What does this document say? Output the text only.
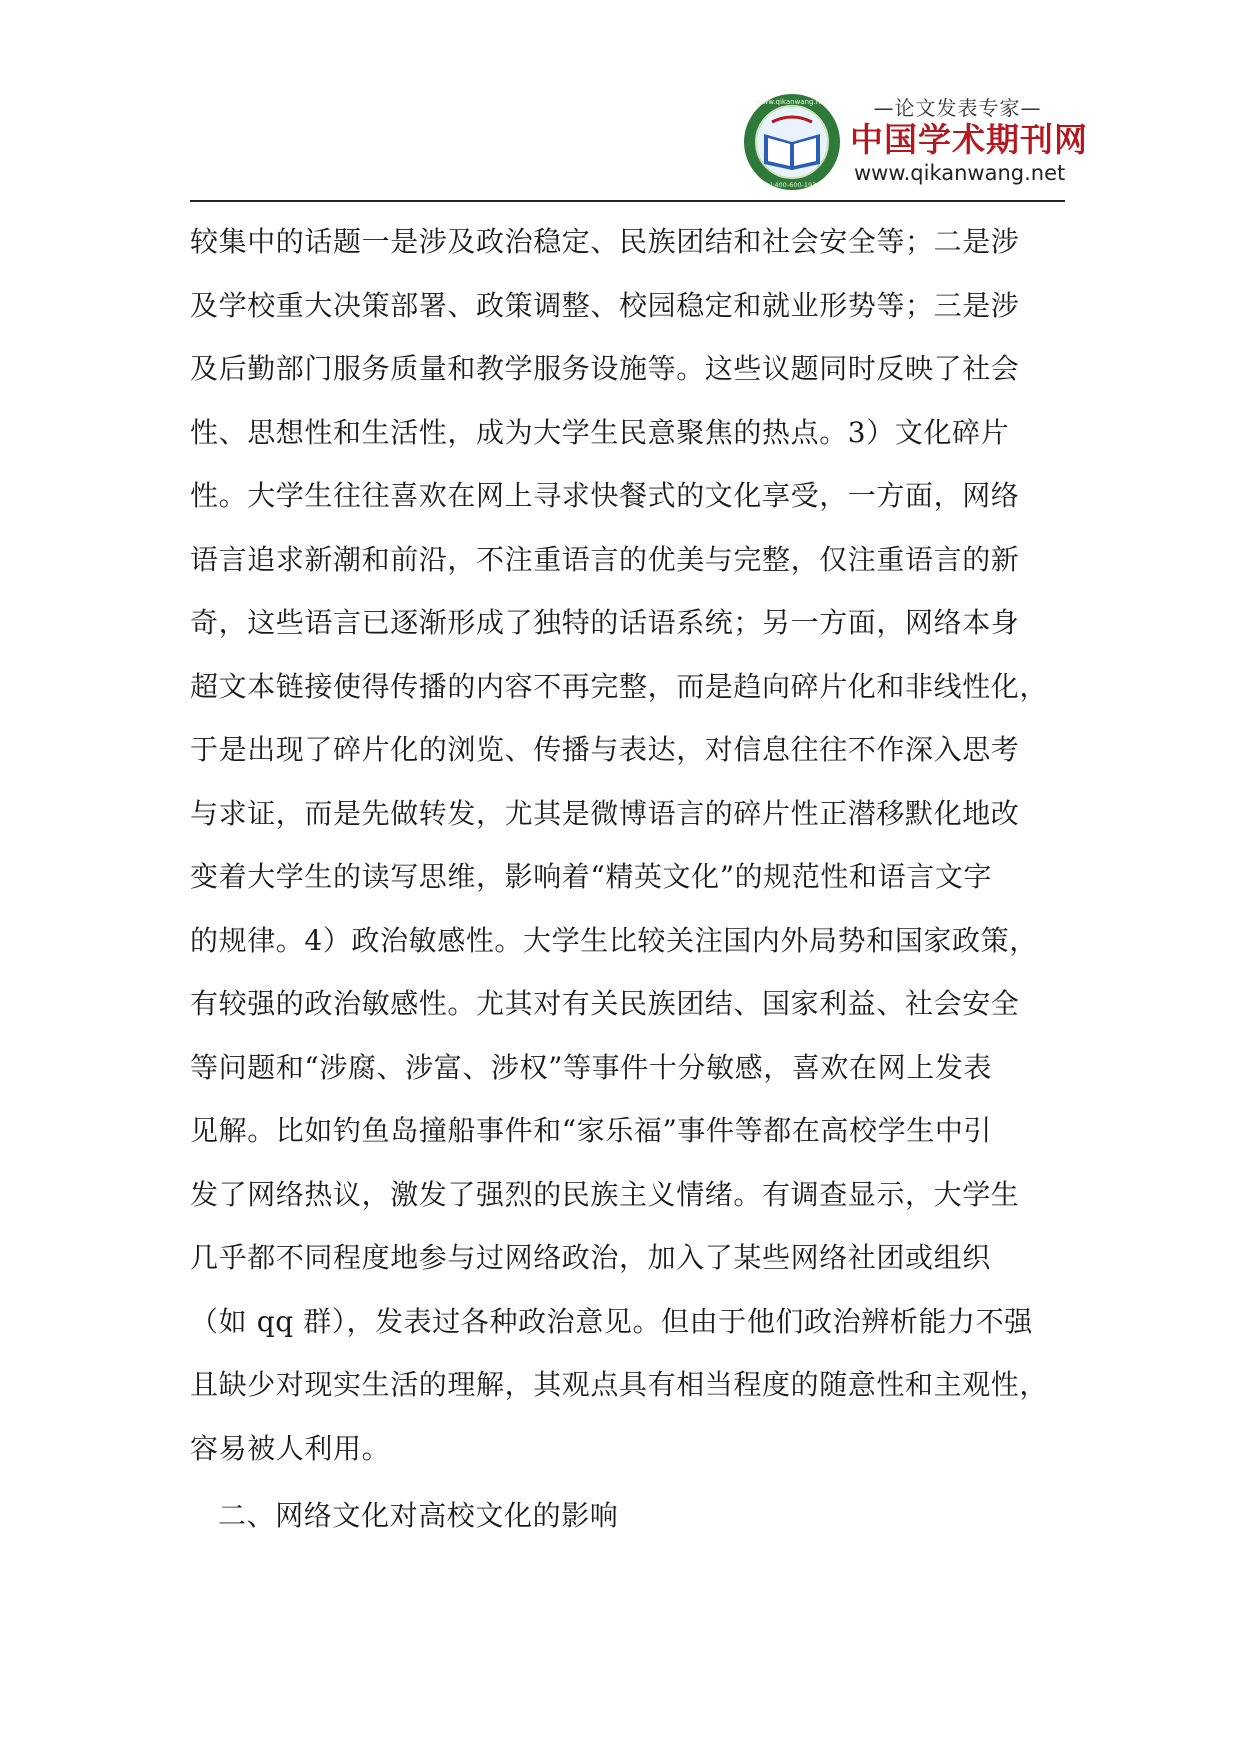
www.qikanwang.net
Tel:400-600-1933
—论文发表专家—
中国学术期刊网
www.qikanwang.net
较集中的话题一是涉及政治稳定、民族团结和社会安全等；二是涉
及学校重大决策部署、政策调整、校园稳定和就业形势等；三是涉
及后勤部门服务质量和教学服务设施等。这些议题同时反映了社会
性、思想性和生活性，成为大学生民意聚焦的热点。3）文化碎片
性。大学生往往喜欢在网上寻求快餐式的文化享受，一方面，网络
语言追求新潮和前沿，不注重语言的优美与完整，仅注重语言的新
奇，这些语言已逐渐形成了独特的话语系统；另一方面，网络本身
超文本链接使得传播的内容不再完整，而是趋向碎片化和非线性化，
于是出现了碎片化的浏览、传播与表达，对信息往往不作深入思考
与求证，而是先做转发，尤其是微博语言的碎片性正潜移默化地改
变着大学生的读写思维，影响着“精英文化”的规范性和语言文字
的规律。4）政治敏感性。大学生比较关注国内外局势和国家政策，
有较强的政治敏感性。尤其对有关民族团结、国家利益、社会安全
等问题和“涉腐、涉富、涉权”等事件十分敏感，喜欢在网上发表
见解。比如钓鱼岛撞船事件和“家乐福”事件等都在高校学生中引
发了网络热议，激发了强烈的民族主义情绪。有调查显示，大学生
几乎都不同程度地参与过网络政治，加入了某些网络社团或组织
（如 qq 群），发表过各种政治意见。但由于他们政治辨析能力不强
且缺少对现实生活的理解，其观点具有相当程度的随意性和主观性，
容易被人利用。
二、网络文化对高校文化的影响
